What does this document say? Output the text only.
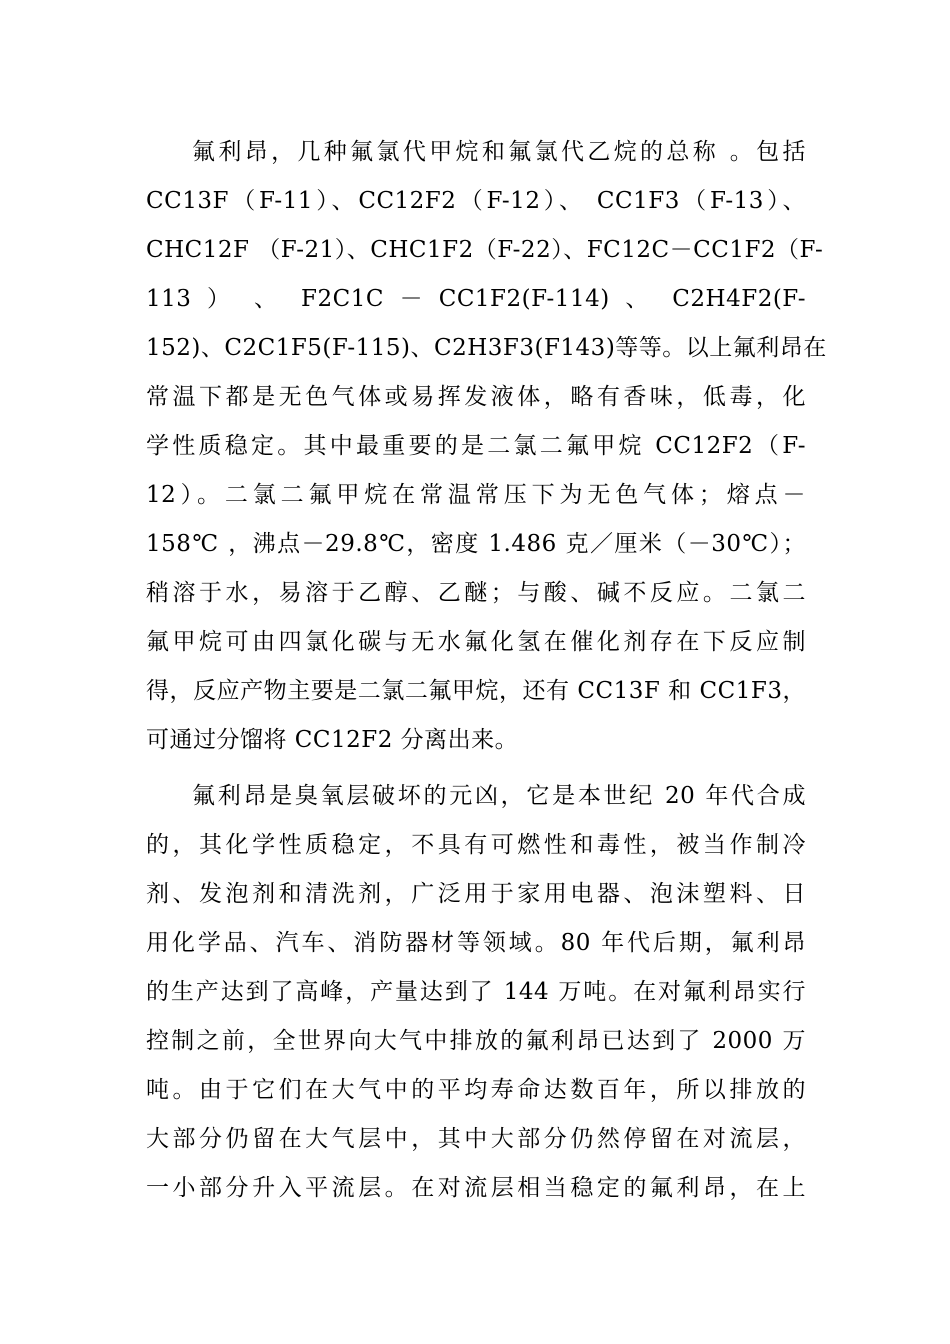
氟利昂，几种氟氯代甲烷和氟氯代乙烷的总称 。包括
CC13F（F-11）、CC12F2（F-12）、 CC1F3（F-13）、
CHC12F （F-21）、CHC1F2（F-22）、FC12C－CC1F2（F-
113 ） 、 F2C1C － CC1F2(F-114) 、 C2H4F2(F-
152)、C2C1F5(F-115)、C2H3F3(F143)等等。以上氟利昂在
常温下都是无色气体或易挥发液体，略有香味，低毒，化
学性质稳定。其中最重要的是二氯二氟甲烷 CC12F2（F-
12）。二氯二氟甲烷在常温常压下为无色气体；熔点－
158℃ ，沸点－29.8℃，密度 1.486 克／厘米（－30℃）；
稍溶于水，易溶于乙醇、乙醚；与酸、碱不反应。二氯二
氟甲烷可由四氯化碳与无水氟化氢在催化剂存在下反应制
得，反应产物主要是二氯二氟甲烷，还有 CC13F 和 CC1F3，
可通过分馏将 CC12F2 分离出来。
氟利昂是臭氧层破坏的元凶，它是本世纪 20 年代合成
的，其化学性质稳定，不具有可燃性和毒性，被当作制冷
剂、发泡剂和清洗剂，广泛用于家用电器、泡沫塑料、日
用化学品、汽车、消防器材等领域。80 年代后期，氟利昂
的生产达到了高峰，产量达到了 144 万吨。在对氟利昂实行
控制之前，全世界向大气中排放的氟利昂已达到了 2000 万
吨。由于它们在大气中的平均寿命达数百年，所以排放的
大部分仍留在大气层中，其中大部分仍然停留在对流层，
一小部分升入平流层。在对流层相当稳定的氟利昂，在上
